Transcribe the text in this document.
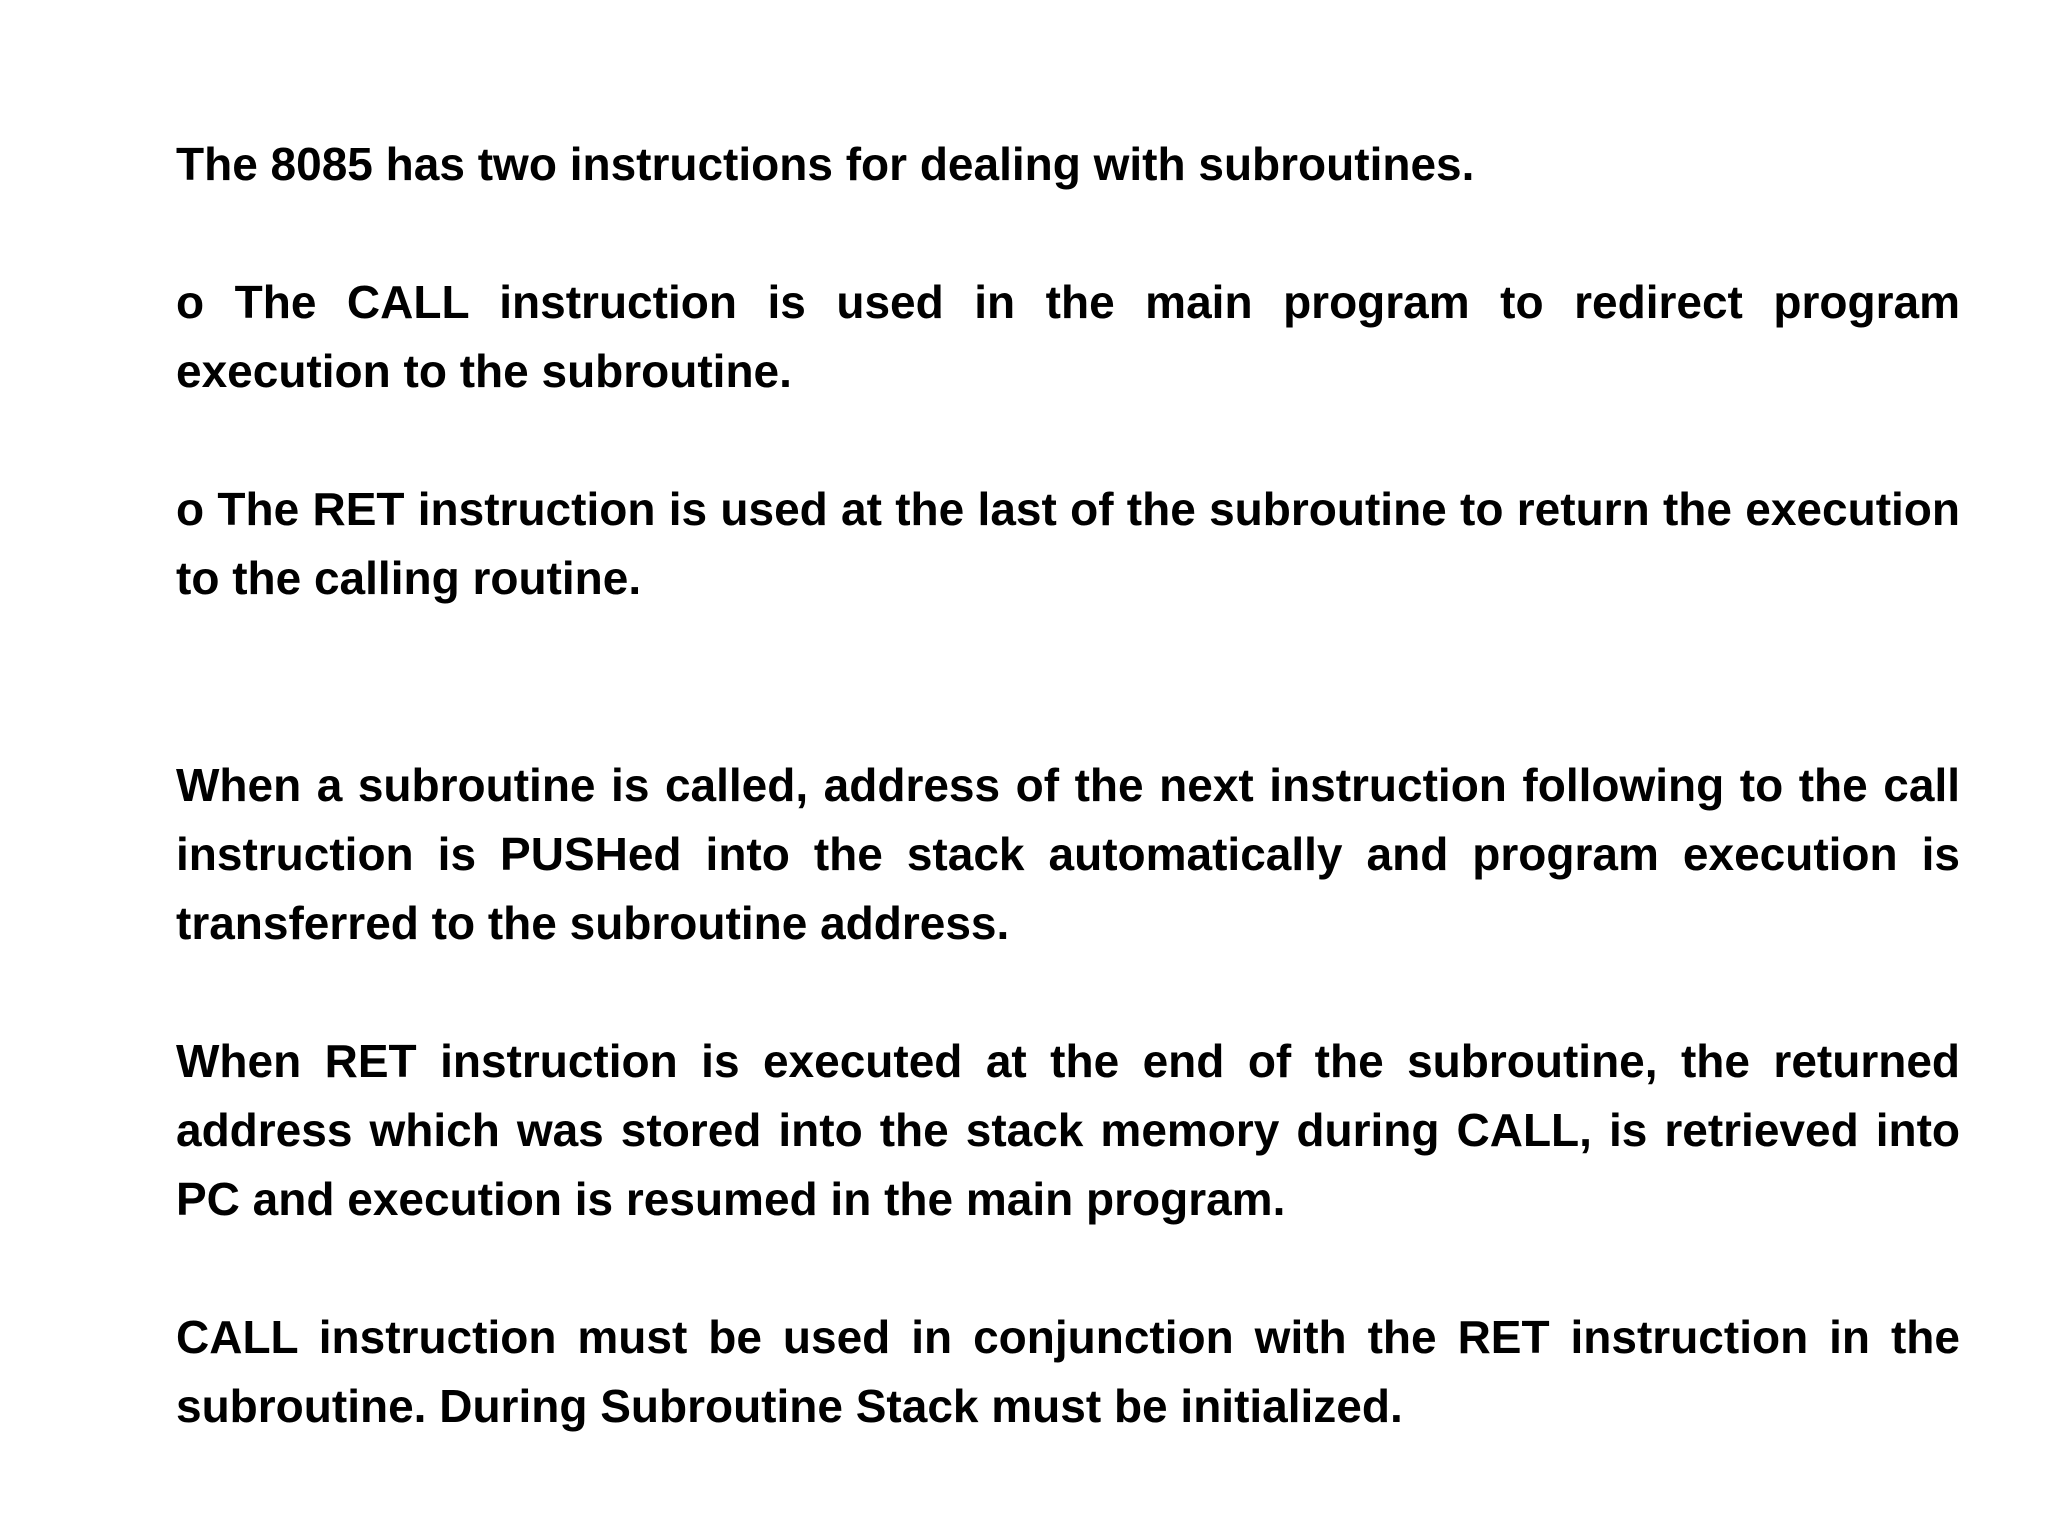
The 8085 has two instructions for dealing with subroutines.

o The CALL instruction is used in the main program to redirect program execution to the subroutine.

o The RET instruction is used at the last of the subroutine to return the execution to the calling routine.

When a subroutine is called, address of the next instruction following to the call instruction is PUSHed into the stack automatically and program execution is transferred to the subroutine address.

When RET instruction is executed at the end of the subroutine, the returned address which was stored into the stack memory during CALL, is retrieved into PC and execution is resumed in the main program.

CALL instruction must be used in conjunction with the RET instruction in the subroutine. During Subroutine Stack must be initialized.
